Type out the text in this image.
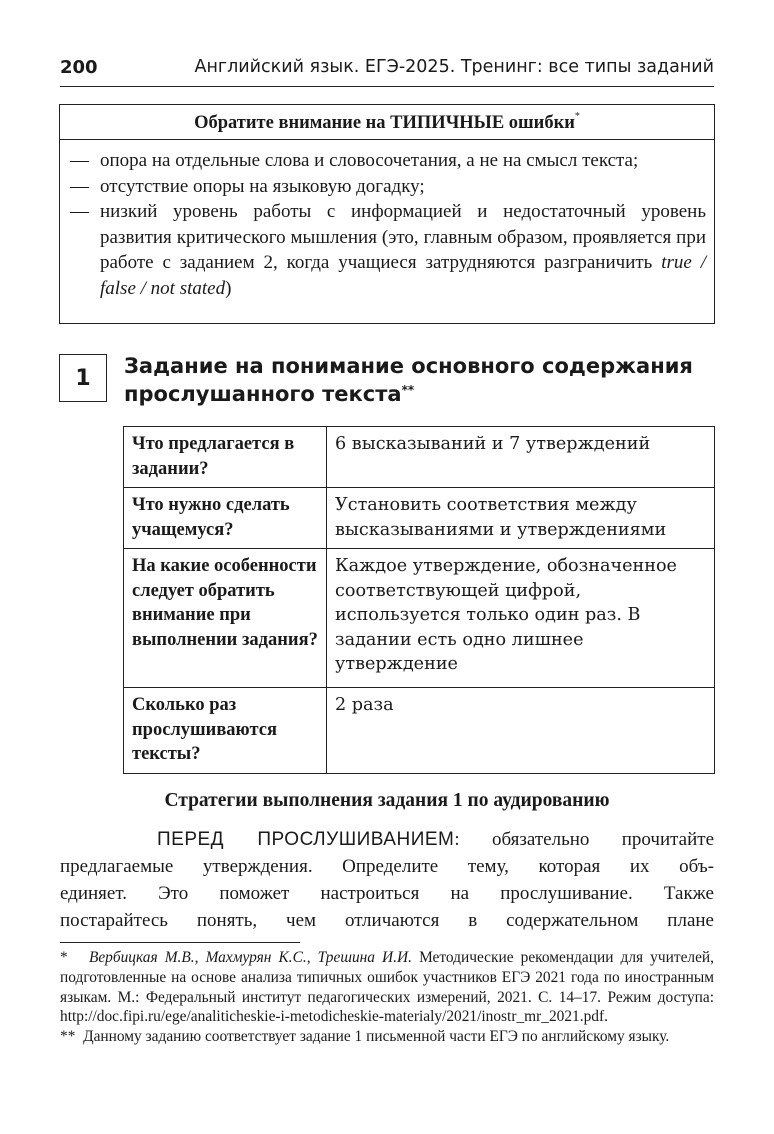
200	Английский язык. ЕГЭ-2025. Тренинг: все типы заданий
Обратите внимание на ТИПИЧНЫЕ ошибки*
— опора на отдельные слова и словосочетания, а не на смысл текста;
— отсутствие опоры на языковую догадку;
— низкий уровень работы с информацией и недостаточный уровень развития критического мышления (это, главным образом, проявляется при работе с заданием 2, когда учащиеся затрудняются разграничить true / false / not stated)
1	Задание на понимание основного содержания прослушанного текста**
Что предлагается в задании?	6 высказываний и 7 утверждений
Что нужно сделать учащемуся?	Установить соответствия между высказываниями и утверждениями
На какие особенности следует обратить внимание при выполнении задания?	Каждое утверждение, обозначенное соответствующей цифрой, используется только один раз. В задании есть одно лишнее утверждение
Сколько раз прослушиваются тексты?	2 раза
Стратегии выполнения задания 1 по аудированию
ПЕРЕД ПРОСЛУШИВАНИЕМ: обязательно прочитайте
предлагаемые утверждения. Определите тему, которая их объ-
единяет. Это поможет настроиться на прослушивание. Также
постарайтесь понять, чем отличаются в содержательном плане

* Вербицкая М.В., Махмурян К.С., Трешина И.И. Методические рекомендации для учителей, подготовленные на основе анализа типичных ошибок участников ЕГЭ 2021 года по иностранным языкам. М.: Федеральный институт педагогических измерений, 2021. С. 14–17. Режим доступа: http://doc.fipi.ru/ege/analiticheskie-i-metodicheskie-materialy/2021/inostr_mr_2021.pdf.

** Данному заданию соответствует задание 1 письменной части ЕГЭ по английскому языку.
